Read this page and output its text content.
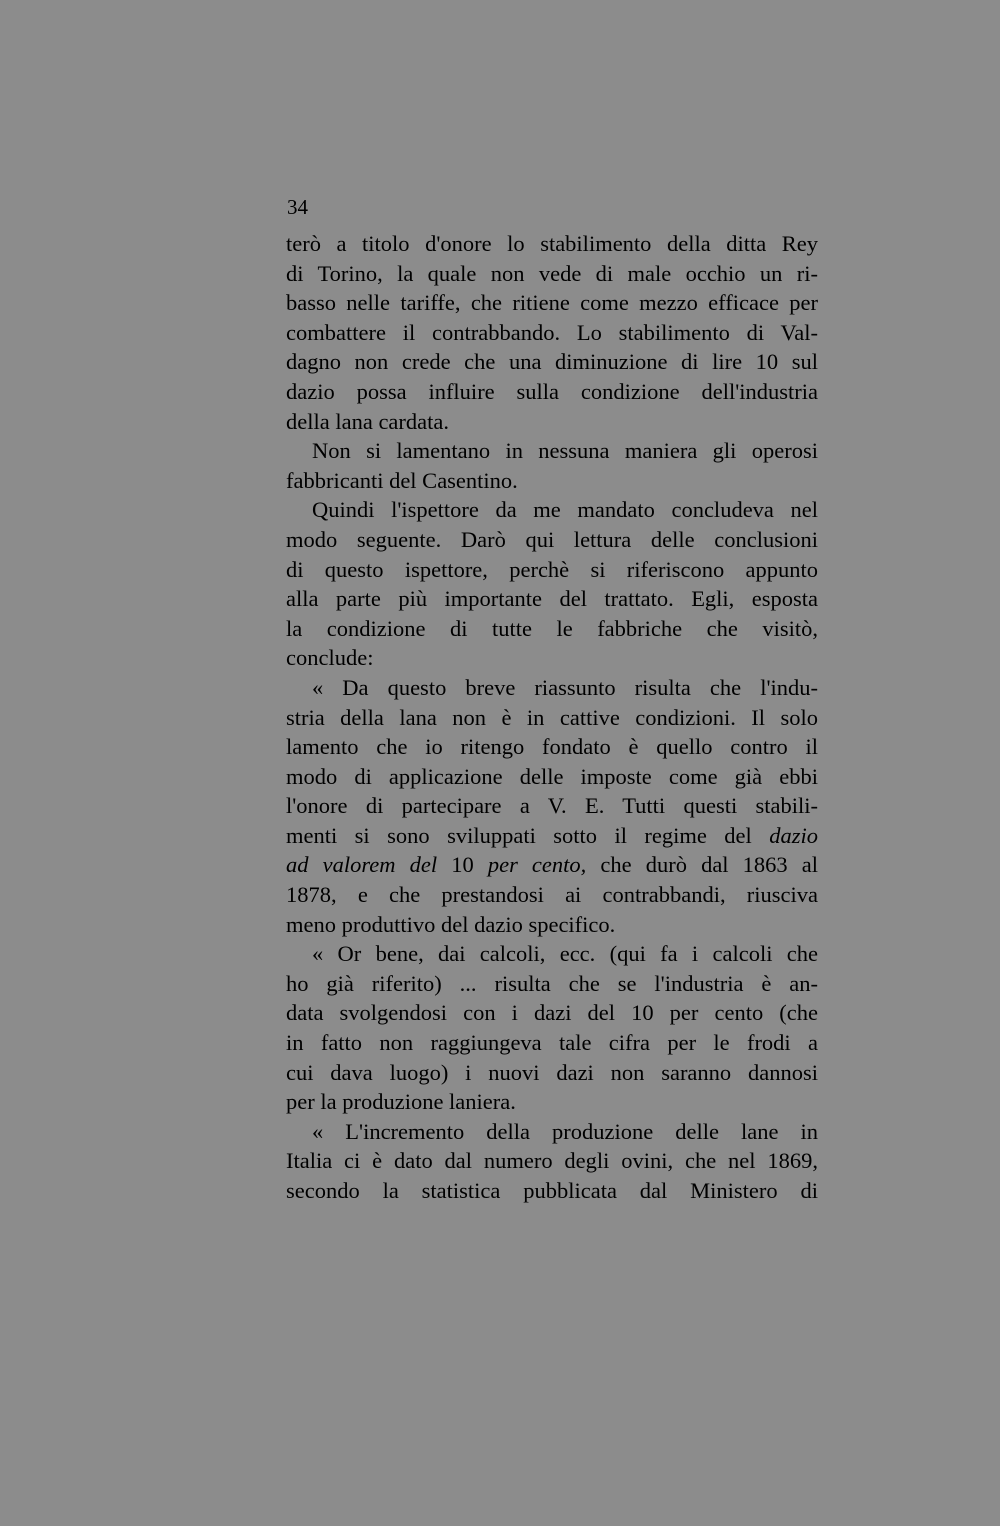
34
terò a titolo d'onore lo stabilimento della ditta Rey
di Torino, la quale non vede di male occhio un ri-
basso nelle tariffe, che ritiene come mezzo efficace per
combattere il contrabbando. Lo stabilimento di Val-
dagno non crede che una diminuzione di lire 10 sul
dazio possa influire sulla condizione dell'industria
della lana cardata.
Non si lamentano in nessuna maniera gli operosi
fabbricanti del Casentino.
Quindi l'ispettore da me mandato concludeva nel
modo seguente. Darò qui lettura delle conclusioni
di questo ispettore, perchè si riferiscono appunto
alla parte più importante del trattato. Egli, esposta
la condizione di tutte le fabbriche che visitò,
conclude:
« Da questo breve riassunto risulta che l'indu-
stria della lana non è in cattive condizioni. Il solo
lamento che io ritengo fondato è quello contro il
modo di applicazione delle imposte come già ebbi
l'onore di partecipare a V. E. Tutti questi stabili-
menti si sono sviluppati sotto il regime del dazio
ad valorem del 10 per cento, che durò dal 1863 al
1878, e che prestandosi ai contrabbandi, riusciva
meno produttivo del dazio specifico.
« Or bene, dai calcoli, ecc. (qui fa i calcoli che
ho già riferito) ... risulta che se l'industria è an-
data svolgendosi con i dazi del 10 per cento (che
in fatto non raggiungeva tale cifra per le frodi a
cui dava luogo) i nuovi dazi non saranno dannosi
per la produzione laniera.
« L'incremento della produzione delle lane in
Italia ci è dato dal numero degli ovini, che nel 1869,
secondo la statistica pubblicata dal Ministero di
